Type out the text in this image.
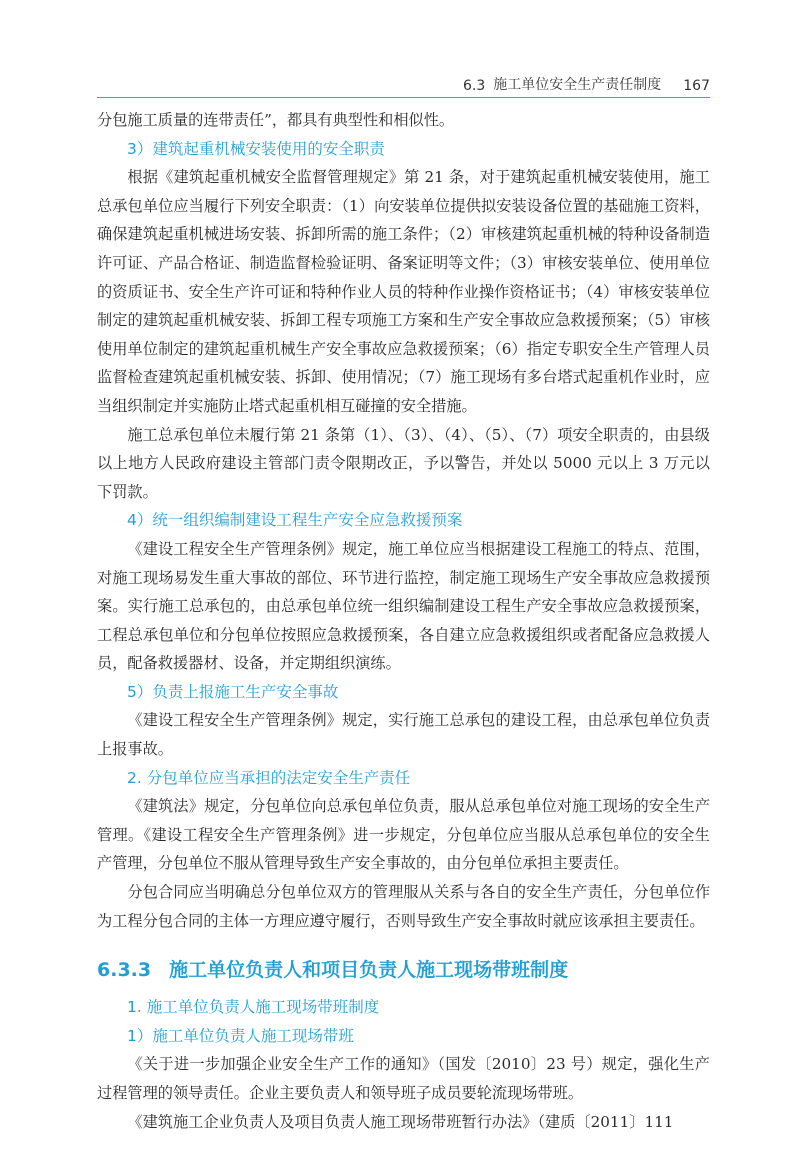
6.3 施工单位安全生产责任制度 167

分包施工质量的连带责任”，都具有典型性和相似性。

3）建筑起重机械安装使用的安全职责

根据《建筑起重机械安全监督管理规定》第 21 条，对于建筑起重机械安装使用，施工总承包单位应当履行下列安全职责：（1）向安装单位提供拟安装设备位置的基础施工资料，确保建筑起重机械进场安装、拆卸所需的施工条件；（2）审核建筑起重机械的特种设备制造许可证、产品合格证、制造监督检验证明、备案证明等文件；（3）审核安装单位、使用单位的资质证书、安全生产许可证和特种作业人员的特种作业操作资格证书；（4）审核安装单位制定的建筑起重机械安装、拆卸工程专项施工方案和生产安全事故应急救援预案；（5）审核使用单位制定的建筑起重机械生产安全事故应急救援预案；（6）指定专职安全生产管理人员监督检查建筑起重机械安装、拆卸、使用情况；（7）施工现场有多台塔式起重机作业时，应当组织制定并实施防止塔式起重机相互碰撞的安全措施。

施工总承包单位未履行第 21 条第（1）、（3）、（4）、（5）、（7）项安全职责的，由县级以上地方人民政府建设主管部门责令限期改正，予以警告，并处以 5000 元以上 3 万元以下罚款。

4）统一组织编制建设工程生产安全应急救援预案

《建设工程安全生产管理条例》规定，施工单位应当根据建设工程施工的特点、范围，对施工现场易发生重大事故的部位、环节进行监控，制定施工现场生产安全事故应急救援预案。实行施工总承包的，由总承包单位统一组织编制建设工程生产安全事故应急救援预案，工程总承包单位和分包单位按照应急救援预案，各自建立应急救援组织或者配备应急救援人员，配备救援器材、设备，并定期组织演练。

5）负责上报施工生产安全事故

《建设工程安全生产管理条例》规定，实行施工总承包的建设工程，由总承包单位负责上报事故。

2. 分包单位应当承担的法定安全生产责任

《建筑法》规定，分包单位向总承包单位负责，服从总承包单位对施工现场的安全生产管理。《建设工程安全生产管理条例》进一步规定，分包单位应当服从总承包单位的安全生产管理，分包单位不服从管理导致生产安全事故的，由分包单位承担主要责任。

分包合同应当明确总分包单位双方的管理服从关系与各自的安全生产责任，分包单位作为工程分包合同的主体一方理应遵守履行，否则导致生产安全事故时就应该承担主要责任。

6.3.3 施工单位负责人和项目负责人施工现场带班制度
1. 施工单位负责人施工现场带班制度
1）施工单位负责人施工现场带班

《关于进一步加强企业安全生产工作的通知》（国发〔2010〕23 号）规定，强化生产过程管理的领导责任。企业主要负责人和领导班子成员要轮流现场带班。

《建筑施工企业负责人及项目负责人施工现场带班暂行办法》（建质〔2011〕111
